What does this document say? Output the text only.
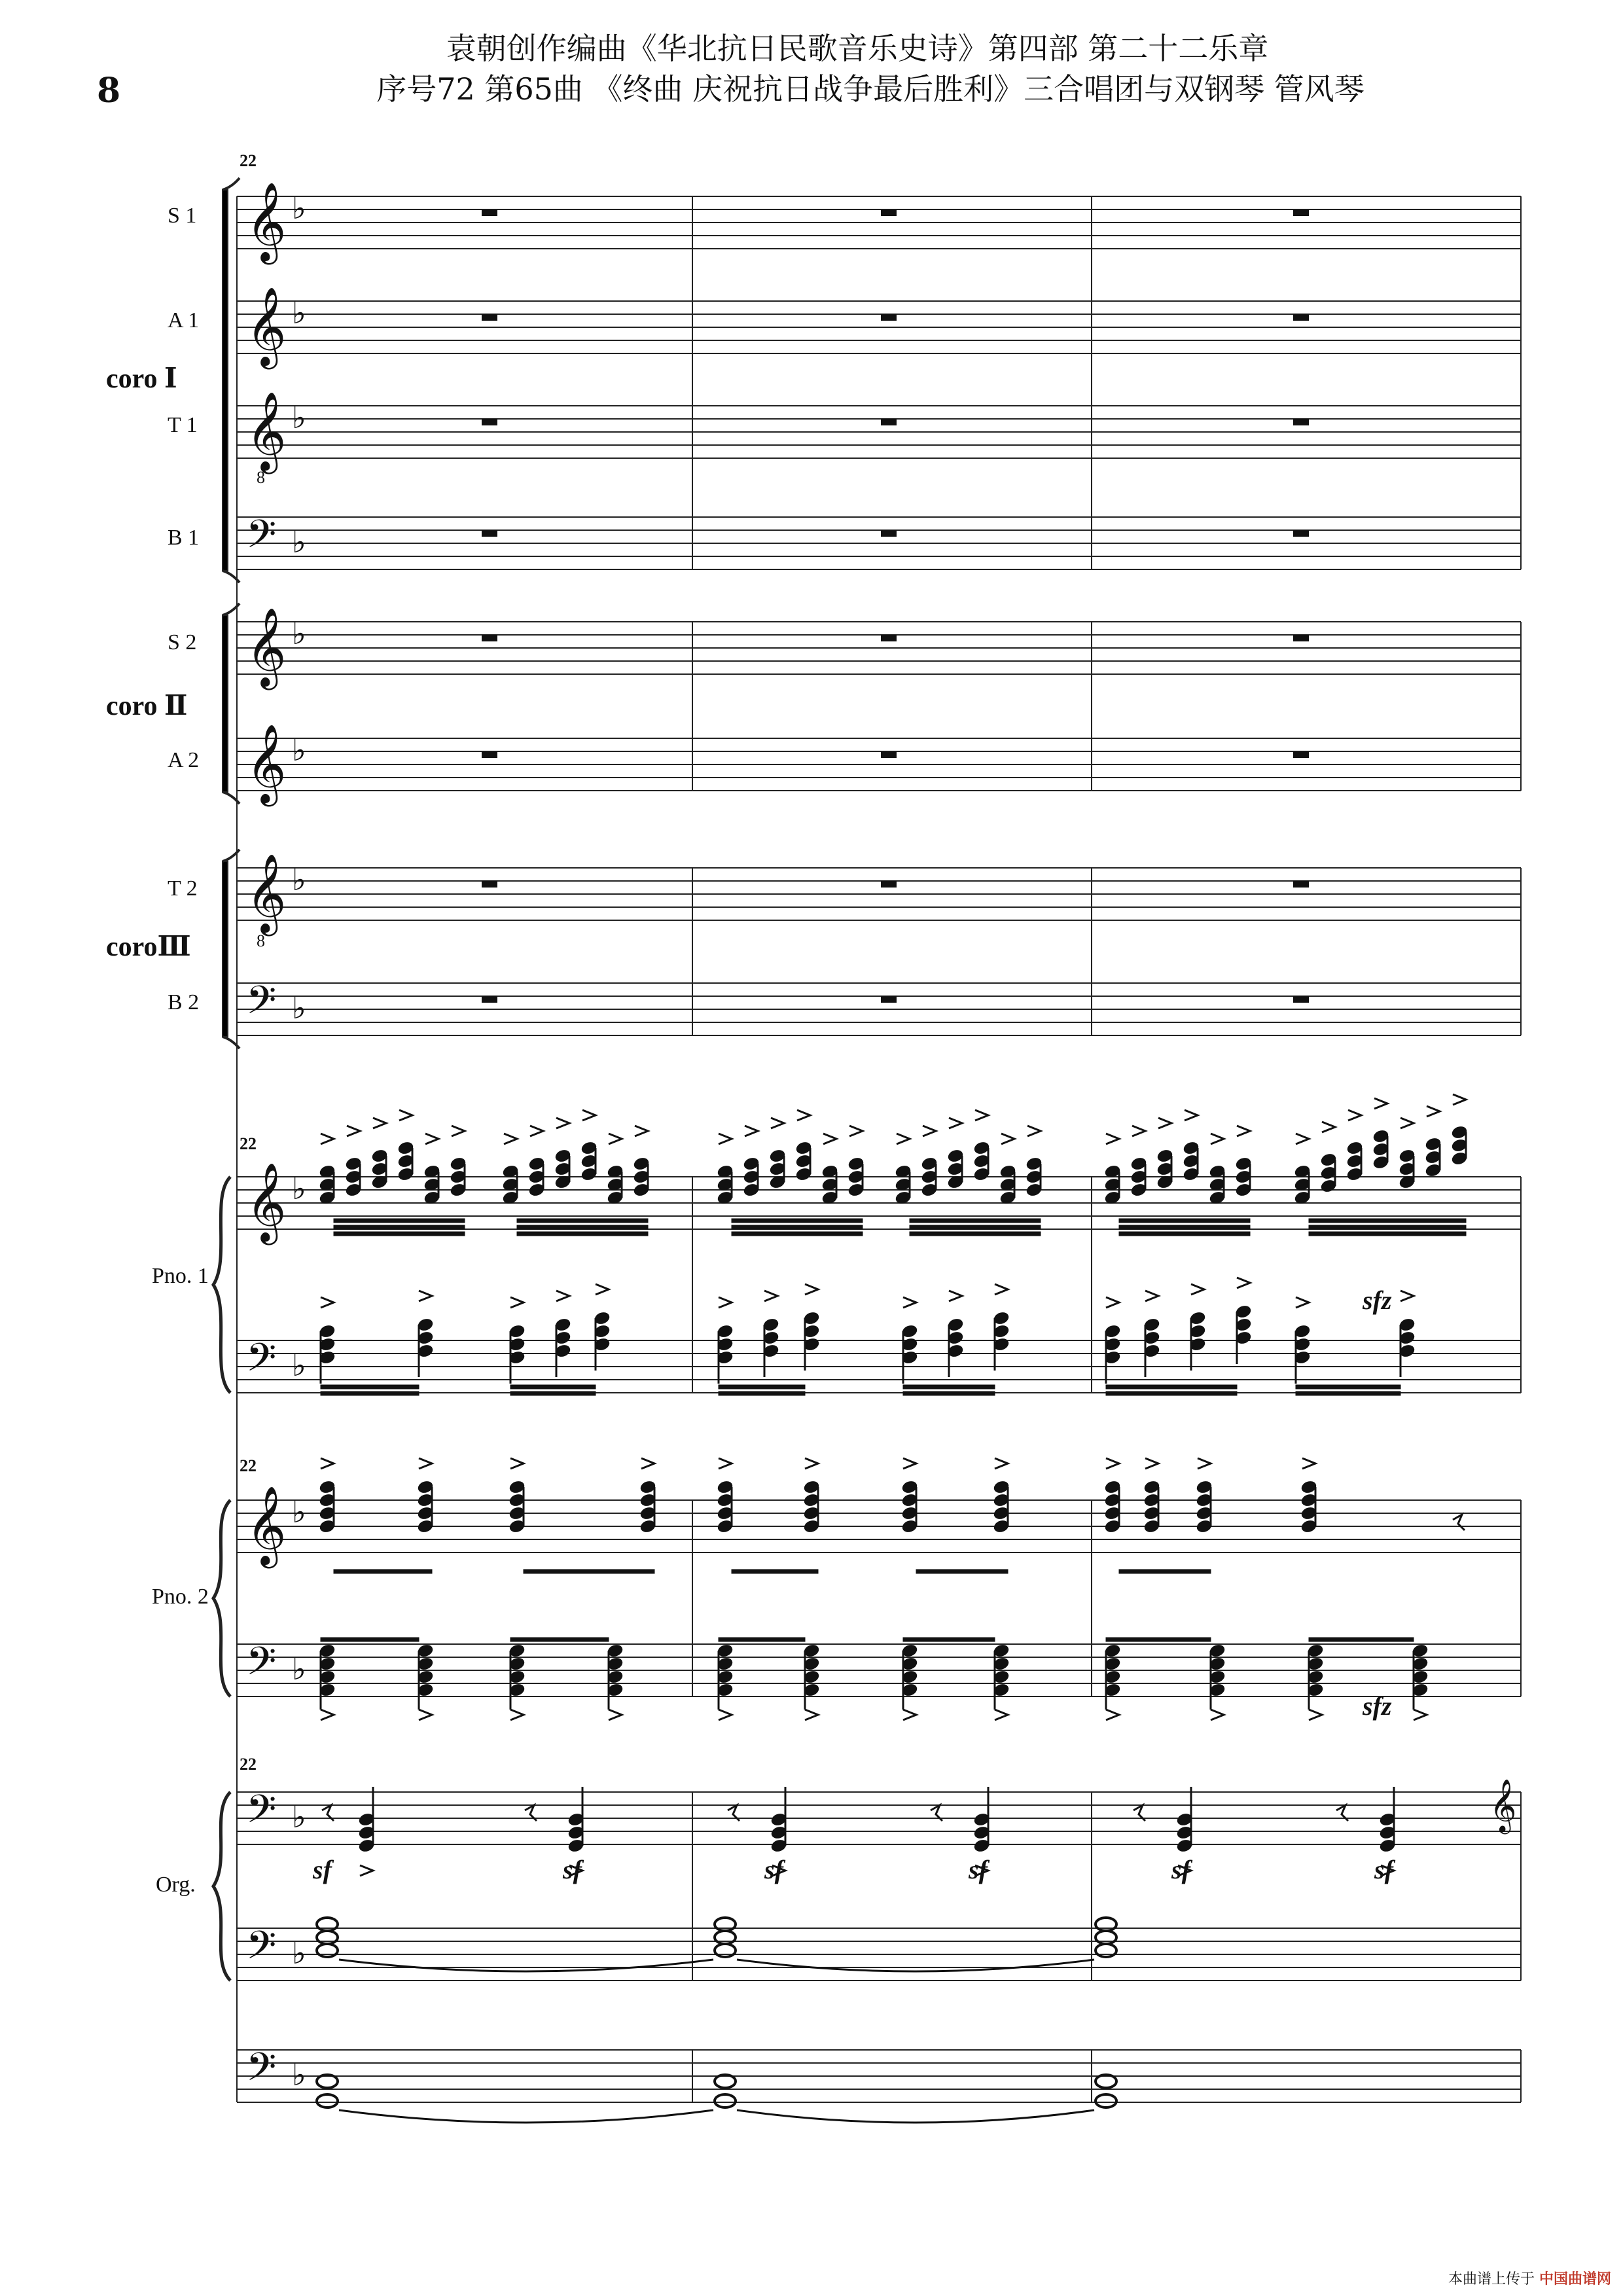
8
袁朝创作编曲《华北抗日民歌音乐史诗》第四部 第二十二乐章
序号72 第65曲 《终曲 庆祝抗日战争最后胜利》三合唱团与双钢琴 管风琴
𝄞 ♭
𝄞 ♭
𝄞 ♭
𝄢 ♭
𝄞 ♭
𝄞 ♭
𝄞 ♭
𝄢 ♭
𝄞 ♭
𝄢 ♭
𝄞 ♭
𝄢 ♭
𝄢 ♭
𝄢 ♭
𝄢 ♭
S 1
A 1
T 1
B 1
S 2
A 2
T 2
B 2
coro Ⅰ
coro Ⅱ
coroⅢ
Pno. 1
Pno. 2
Org.
22
22
22
22
8
8
sfz
sfz
sf	sf	sf	sf	sf	sf
𝄞
本曲谱上传于 中国曲谱网
